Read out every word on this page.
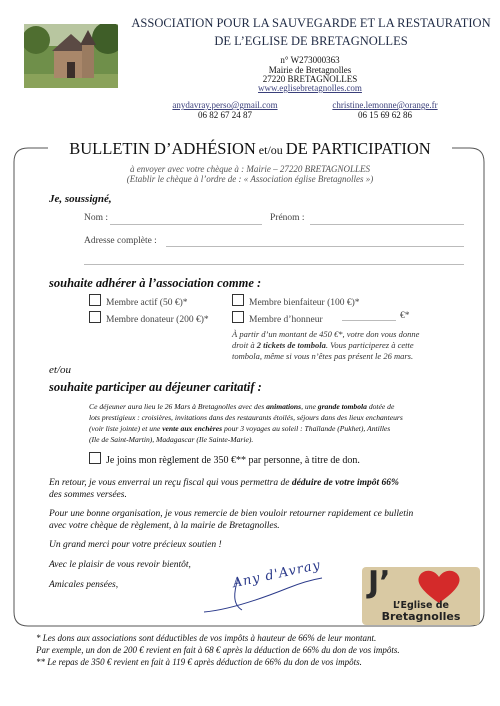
ASSOCIATION POUR LA SAUVEGARDE ET LA RESTAURATION
DE L’EGLISE DE BRETAGNOLLES
n° W273000363
Mairie de Bretagnolles
27220 BRETAGNOLLES
www.eglisebretagnolles.com
anydavray.perso@gmail.com
06 82 67 24 87
christine.lemonne@orange.fr
06 15 69 62 86
BULLETIN D’ADHÉSION et/ou DE PARTICIPATION
à envoyer avec votre chèque à : Mairie – 27220 BRETAGNOLLES
(Etablir le chèque à l’ordre de : « Association église Bretagnolles »)
Je, soussigné,
Nom :	Prénom :
Adresse complète :
souhaite adhérer à l’association comme :
Membre actif (50 €)*	Membre bienfaiteur (100 €)*
Membre donateur (200 €)*	Membre d’honneur	€*
À partir d’un montant de 450 €*, votre don vous donne
droit à 2 tickets de tombola. Vous participerez à cette
tombola, même si vous n’êtes pas présent le 26 mars.
et/ou
souhaite participer au déjeuner caritatif :
Ce déjeuner aura lieu le 26 Mars à Bretagnolles avec des animations, une grande tombola dotée de
lots prestigieux : croisières, invitations dans des restaurants étoilés, séjours dans des lieux enchanteurs
(voir liste jointe) et une vente aux enchères pour 3 voyages au soleil : Thaïlande (Pukhet), Antilles
(Ile de Saint-Martin), Madagascar (Ile Sainte-Marie).
Je joins mon règlement de 350 €** par personne, à titre de don.
En retour, je vous enverrai un reçu fiscal qui vous permettra de déduire de votre impôt 66%
des sommes versées.
Pour une bonne organisation, je vous remercie de bien vouloir retourner rapidement ce bulletin
avec votre chèque de règlement, à la mairie de Bretagnolles.
Un grand merci pour votre précieux soutien !
Avec le plaisir de vous revoir bientôt,
Amicales pensées,	Any d'Avray J’
L’Eglise de
Bretagnolles
* Les dons aux associations sont déductibles de vos impôts à hauteur de 66% de leur montant.
Par exemple, un don de 200 € revient en fait à 68 € après la déduction de 66% du don de vos impôts.
** Le repas de 350 € revient en fait à 119 € après déduction de 66% du don de vos impôts.
